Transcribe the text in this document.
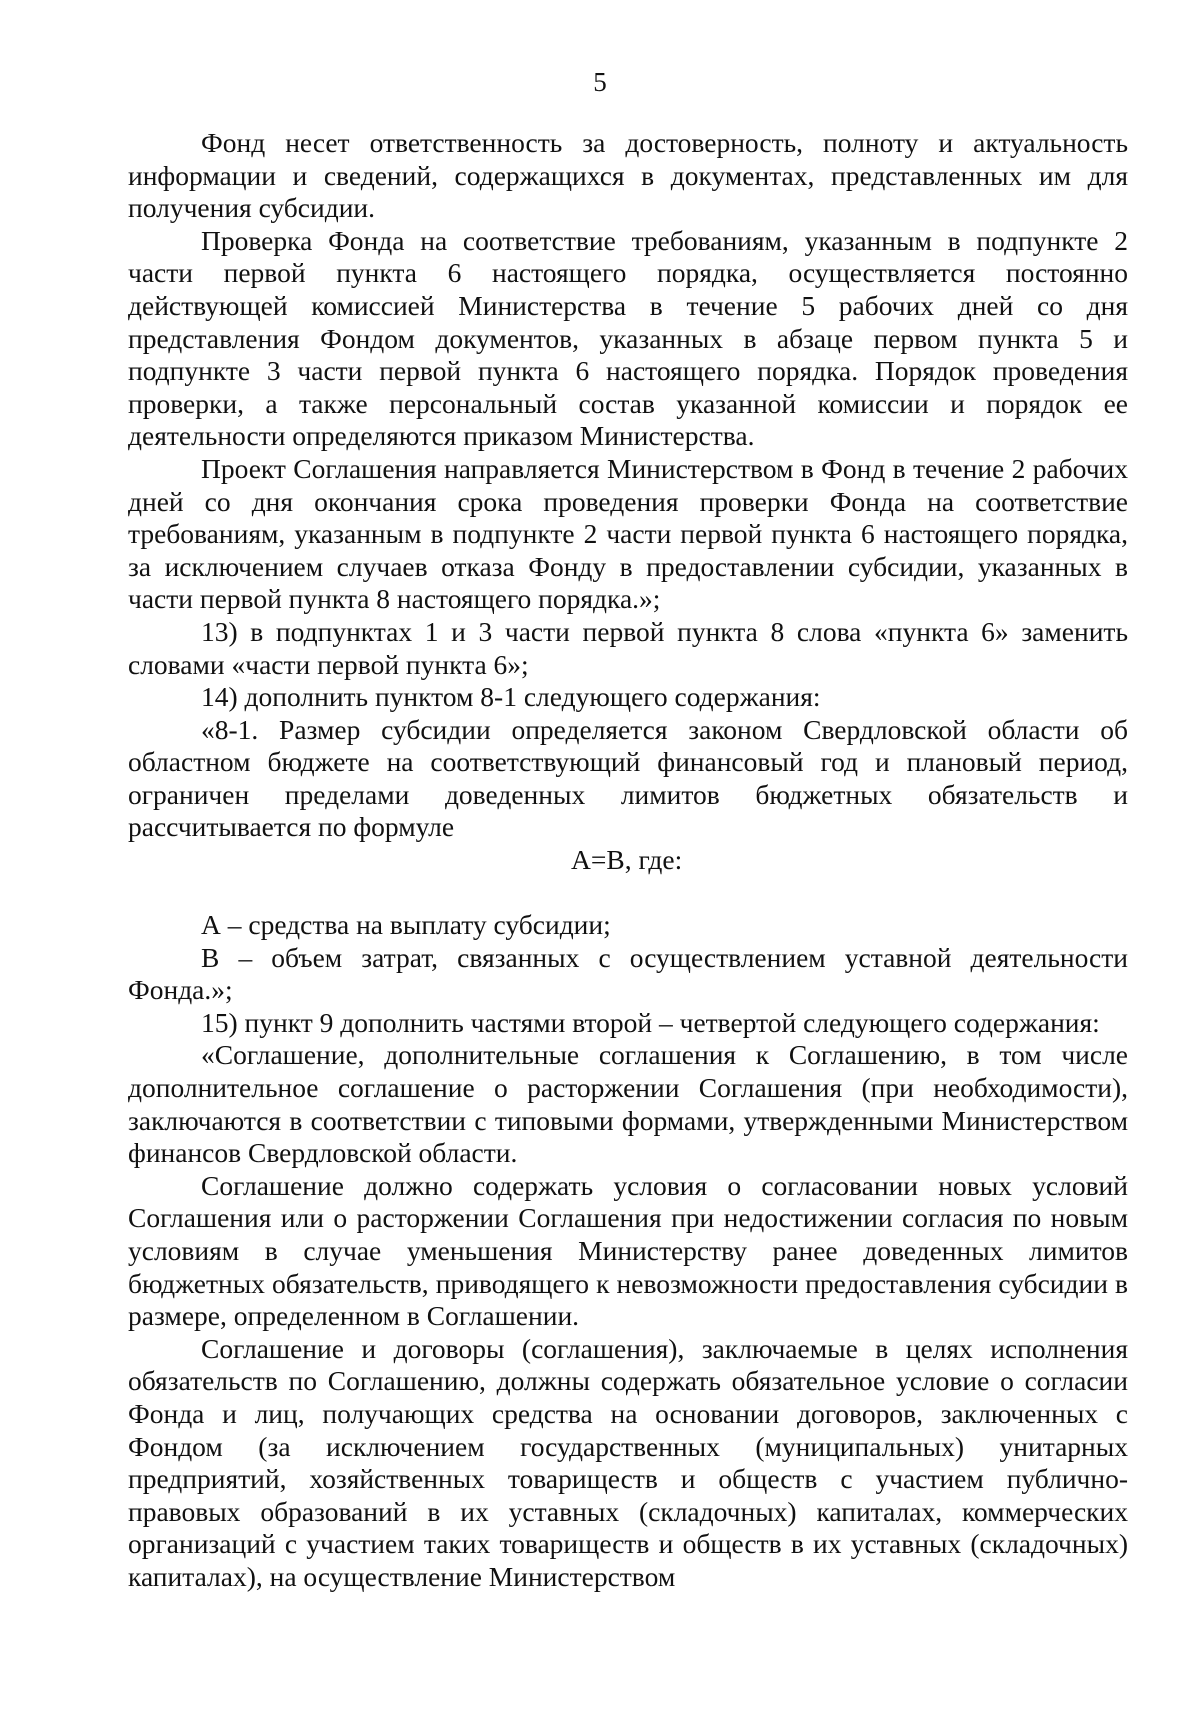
5

Фонд несет ответственность за достоверность, полноту и актуальность информации и сведений, содержащихся в документах, представленных им для получения субсидии.

Проверка Фонда на соответствие требованиям, указанным в подпункте 2 части первой пункта 6 настоящего порядка, осуществляется постоянно действующей комиссией Министерства в течение 5 рабочих дней со дня представления Фондом документов, указанных в абзаце первом пункта 5 и подпункте 3 части первой пункта 6 настоящего порядка. Порядок проведения проверки, а также персональный состав указанной комиссии и порядок ее деятельности определяются приказом Министерства.

Проект Соглашения направляется Министерством в Фонд в течение 2 рабочих дней со дня окончания срока проведения проверки Фонда на соответствие требованиям, указанным в подпункте 2 части первой пункта 6 настоящего порядка, за исключением случаев отказа Фонду в предоставлении субсидии, указанных в части первой пункта 8 настоящего порядка.»;

13) в подпунктах 1 и 3 части первой пункта 8 слова «пункта 6» заменить словами «части первой пункта 6»;

14) дополнить пунктом 8-1 следующего содержания:

«8-1. Размер субсидии определяется законом Свердловской области об областном бюджете на соответствующий финансовый год и плановый период, ограничен пределами доведенных лимитов бюджетных обязательств и рассчитывается по формуле

А=В, где:

А – средства на выплату субсидии;

В – объем затрат, связанных с осуществлением уставной деятельности Фонда.»;

15) пункт 9 дополнить частями второй – четвертой следующего содержания:

«Соглашение, дополнительные соглашения к Соглашению, в том числе дополнительное соглашение о расторжении Соглашения (при необходимости), заключаются в соответствии с типовыми формами, утвержденными Министерством финансов Свердловской области.

Соглашение должно содержать условия о согласовании новых условий Соглашения или о расторжении Соглашения при недостижении согласия по новым условиям в случае уменьшения Министерству ранее доведенных лимитов бюджетных обязательств, приводящего к невозможности предоставления субсидии в размере, определенном в Соглашении.

Соглашение и договоры (соглашения), заключаемые в целях исполнения обязательств по Соглашению, должны содержать обязательное условие о согласии Фонда и лиц, получающих средства на основании договоров, заключенных с Фондом (за исключением государственных (муниципальных) унитарных предприятий, хозяйственных товариществ и обществ с участием публично-правовых образований в их уставных (складочных) капиталах, коммерческих организаций с участием таких товариществ и обществ в их уставных (складочных) капиталах), на осуществление Министерством
